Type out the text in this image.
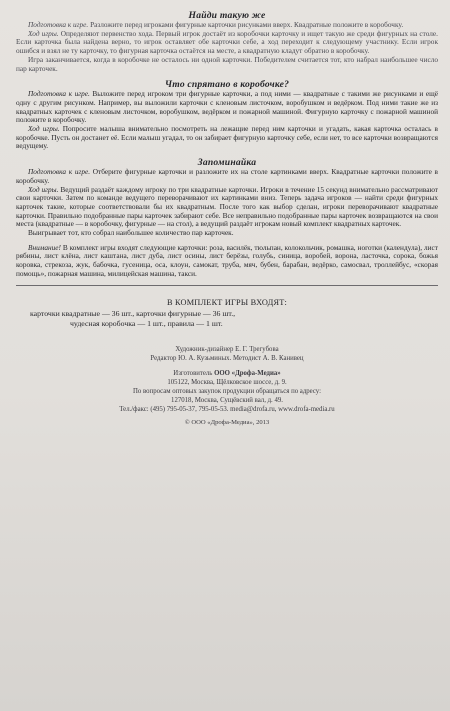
Найди такую же

Подготовка к игре. Разложите перед игроками фигурные карточки рисунками вверх. Квадратные положите в коробочку.

Ход игры. Определяют первенство хода. Первый игрок достаёт из коробочки карточку и ищет такую же среди фигурных на столе. Если карточка была найдена верно, то игрок оставляет обе карточки себе, а ход переходит к следующему участнику. Если игрок ошибся и взял не ту карточку, то фигурная карточка остаётся на месте, а квадратную кладут обратно в коробочку.

Игра заканчивается, когда в коробочке не осталось ни одной карточки. Победителем считается тот, кто набрал наибольшее число пар карточек.

Что спрятано в коробочке?

Подготовка к игре. Выложите перед игроком три фигурные карточки, а под ними — квадратные с такими же рисунками и ещё одну с другим рисунком. Например, вы выложили карточки с кленовым листочком, воробушком и ведёрком. Под ними такие же из квадратных карточек с кленовым листочком, воробушком, ведёрком и пожарной машиной. Фигурную карточку с пожарной машиной положите в коробочку.

Ход игры. Попросите малыша внимательно посмотреть на лежащие перед ним карточки и угадать, какая карточка осталась в коробочке. Пусть он достанет её. Если малыш угадал, то он забирает фигурную карточку себе, если нет, то все карточки возвращаются ведущему.

Запоминайка

Подготовка к игре. Отберите фигурные карточки и разложите их на столе картинками вверх. Квадратные карточки положите в коробочку.

Ход игры. Ведущий раздаёт каждому игроку по три квадратные карточки. Игроки в течение 15 секунд внимательно рассматривают свои карточки. Затем по команде ведущего переворачивают их картинками вниз. Теперь задача игроков — найти среди фигурных карточек такие, которые соответствовали бы их квадратным. После того как выбор сделан, игроки переворачивают квадратные карточки. Правильно подобранные пары карточек забирают себе. Все неправильно подобранные пары карточек возвращаются на свои места (квадратные — в коробочку, фигурные — на стол), а ведущий раздаёт игрокам новый комплект квадратных карточек.

Выигрывает тот, кто собрал наибольшее количество пар карточек.

Внимание! В комплект игры входят следующие карточки: роза, василёк, тюльпан, колокольчик, ромашка, ноготки (календула), лист рябины, лист клёна, лист каштана, лист дуба, лист осины, лист берёзы, голубь, синица, воробей, ворона, ласточка, сорока, божья коровка, стрекоза, жук, бабочка, гусеница, оса, клоун, самокат, труба, мяч, бубен, барабан, ведёрко, самосвал, троллейбус, «скорая помощь», пожарная машина, милицейская машина, такси.

В КОМПЛЕКТ ИГРЫ ВХОДЯТ:

карточки квадратные — 36 шт., карточки фигурные — 36 шт.,

чудесная коробочка — 1 шт., правила — 1 шт.

Художник-дизайнер Е. Г. Трегубова
Редактор Ю. А. Кузьминых. Методист А. В. Канивец
Изготовитель ООО «Дрофа-Медиа»
105122, Москва, Щёлковское шоссе, д. 9.
По вопросам оптовых закупок продукции обращаться по адресу:
127018, Москва, Сущёвский вал, д. 49.
Тел./факс: (495) 795-05-37, 795-05-53. media@drofa.ru, www.drofa-media.ru
© ООО «Дрофа-Медиа», 2013
